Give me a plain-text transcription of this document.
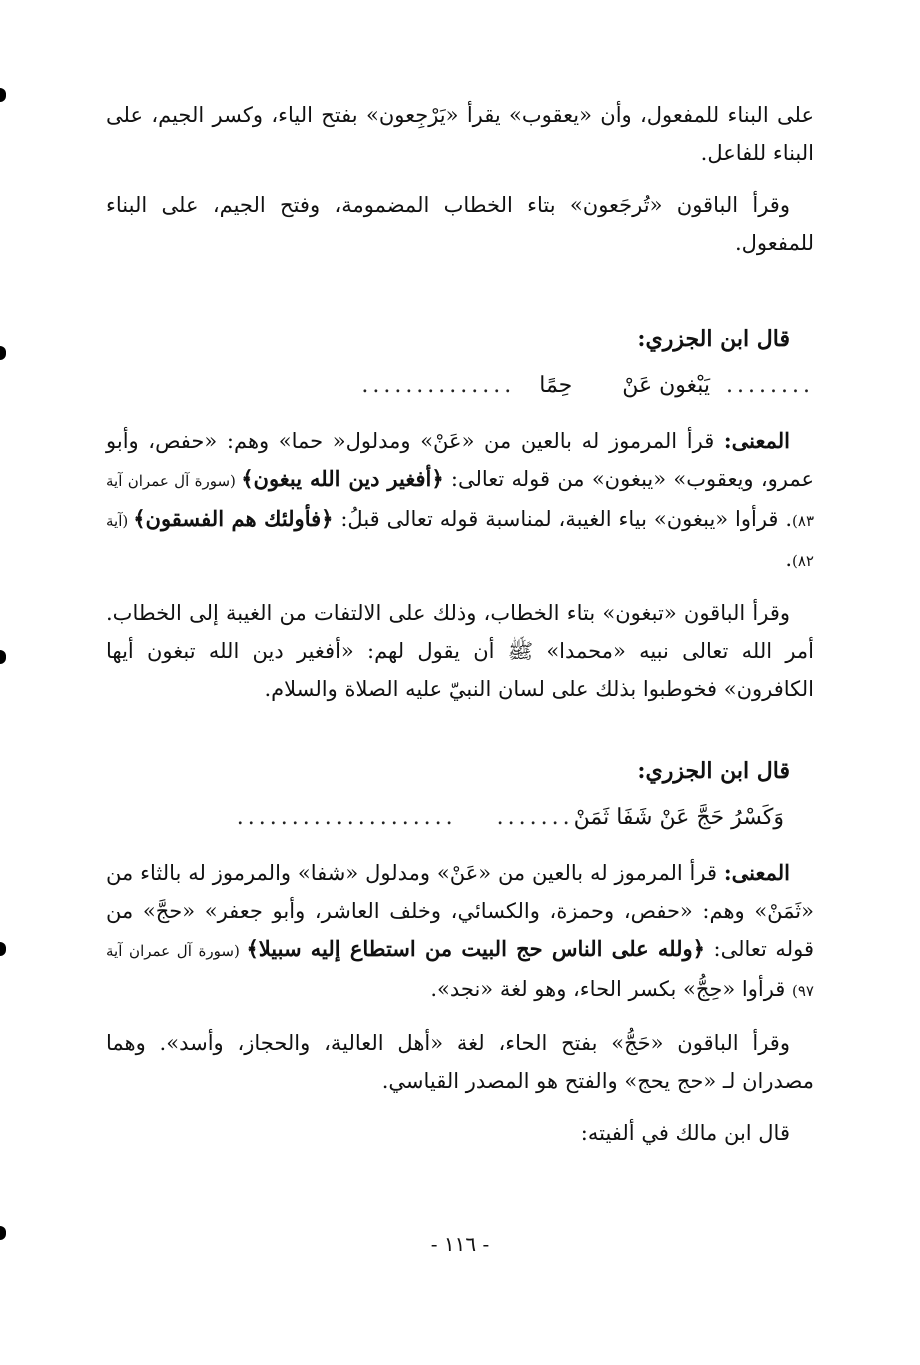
على البناء للمفعول، وأن «يعقوب» يقرأ «يَرْجِعون» بفتح الياء، وكسر الجيم، على البناء للفاعل.

وقرأ الباقون «تُرجَعون» بتاء الخطاب المضمومة، وفتح الجيم، على البناء للمفعول.

قال ابن الجزري:

........
يَبْغون عَنْ
حِمًا
..............

المعنى: قرأ المرموز له بالعين من «عَنْ» ومدلول« حما» وهم: «حفص، وأبو عمرو، ويعقوب» «يبغون» من قوله تعالى: ﴿أفغير دين الله يبغون﴾ (سورة آل عمران آية ٨٣). قرأوا «يبغون» بياء الغيبة، لمناسبة قوله تعالى قبلُ: ﴿فأولئك هم الفسقون﴾ (آية ٨٢).

وقرأ الباقون «تبغون» بتاء الخطاب، وذلك على الالتفات من الغيبة إلى الخطاب. أمر الله تعالى نبيه «محمدا» ﷺ أن يقول لهم: «أفغير دين الله تبغون أيها الكافرون» فخوطبوا بذلك على لسان النبيّ عليه الصلاة والسلام.

قال ابن الجزري:

وَكَسْرُ حَجَّ عَنْ شَفَا ثَمَنْ
.......
....................

المعنى: قرأ المرموز له بالعين من «عَنْ» ومدلول «شفا» والمرموز له بالثاء من «ثَمَنْ» وهم: «حفص، وحمزة، والكسائي، وخلف العاشر، وأبو جعفر» «حجَّ» من قوله تعالى: ﴿ولله على الناس حج البيت من استطاع إليه سبيلا﴾ (سورة آل عمران آية ٩٧) قرأوا «حِجُّ» بكسر الحاء، وهو لغة «نجد».

وقرأ الباقون «حَجُّ» بفتح الحاء، لغة «أهل العالية، والحجاز، وأسد». وهما مصدران لـ «حج يحج» والفتح هو المصدر القياسي.

قال ابن مالك في ألفيته:

- ١١٦ -
